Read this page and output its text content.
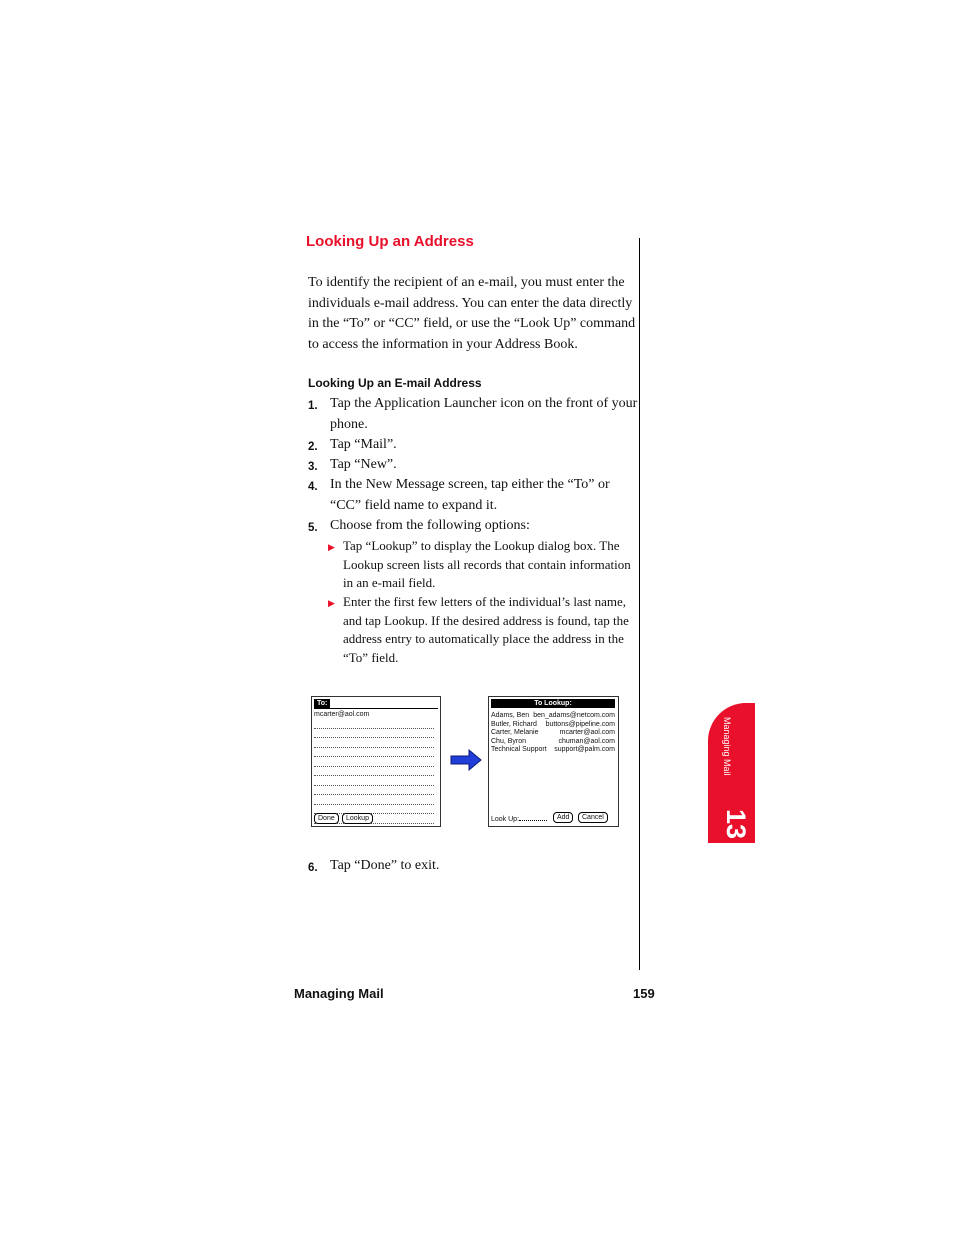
Looking Up an Address
To identify the recipient of an e-mail, you must enter the individuals e-mail address. You can enter the data directly in the “To” or “CC” field, or use the “Look Up” command to access the information in your Address Book.
Looking Up an E-mail Address
1. Tap the Application Launcher icon on the front of your phone.
2. Tap “Mail”.
3. Tap “New”.
4. In the New Message screen, tap either the “To” or “CC” field name to expand it.
5. Choose from the following options:
▶ Tap “Lookup” to display the Lookup dialog box. The Lookup screen lists all records that contain information in an e-mail field.
▶ Enter the first few letters of the individual’s last name, and tap Lookup. If the desired address is found, tap the address entry to automatically place the address in the “To” field.
To:
mcarter@aol.com
Done	Lookup
To Lookup:
Adams, Ben ben_adams@netcom.com
Butler, Richard buttons@pipeline.com
Carter, Melanie	mcarter@aol.com
Chu, Byron	chuman@aol.com
Technical Support support@palm.com
Look Up:	Add	Cancel
6. Tap “Done” to exit.
Managing Mail
13
Managing Mail	159
